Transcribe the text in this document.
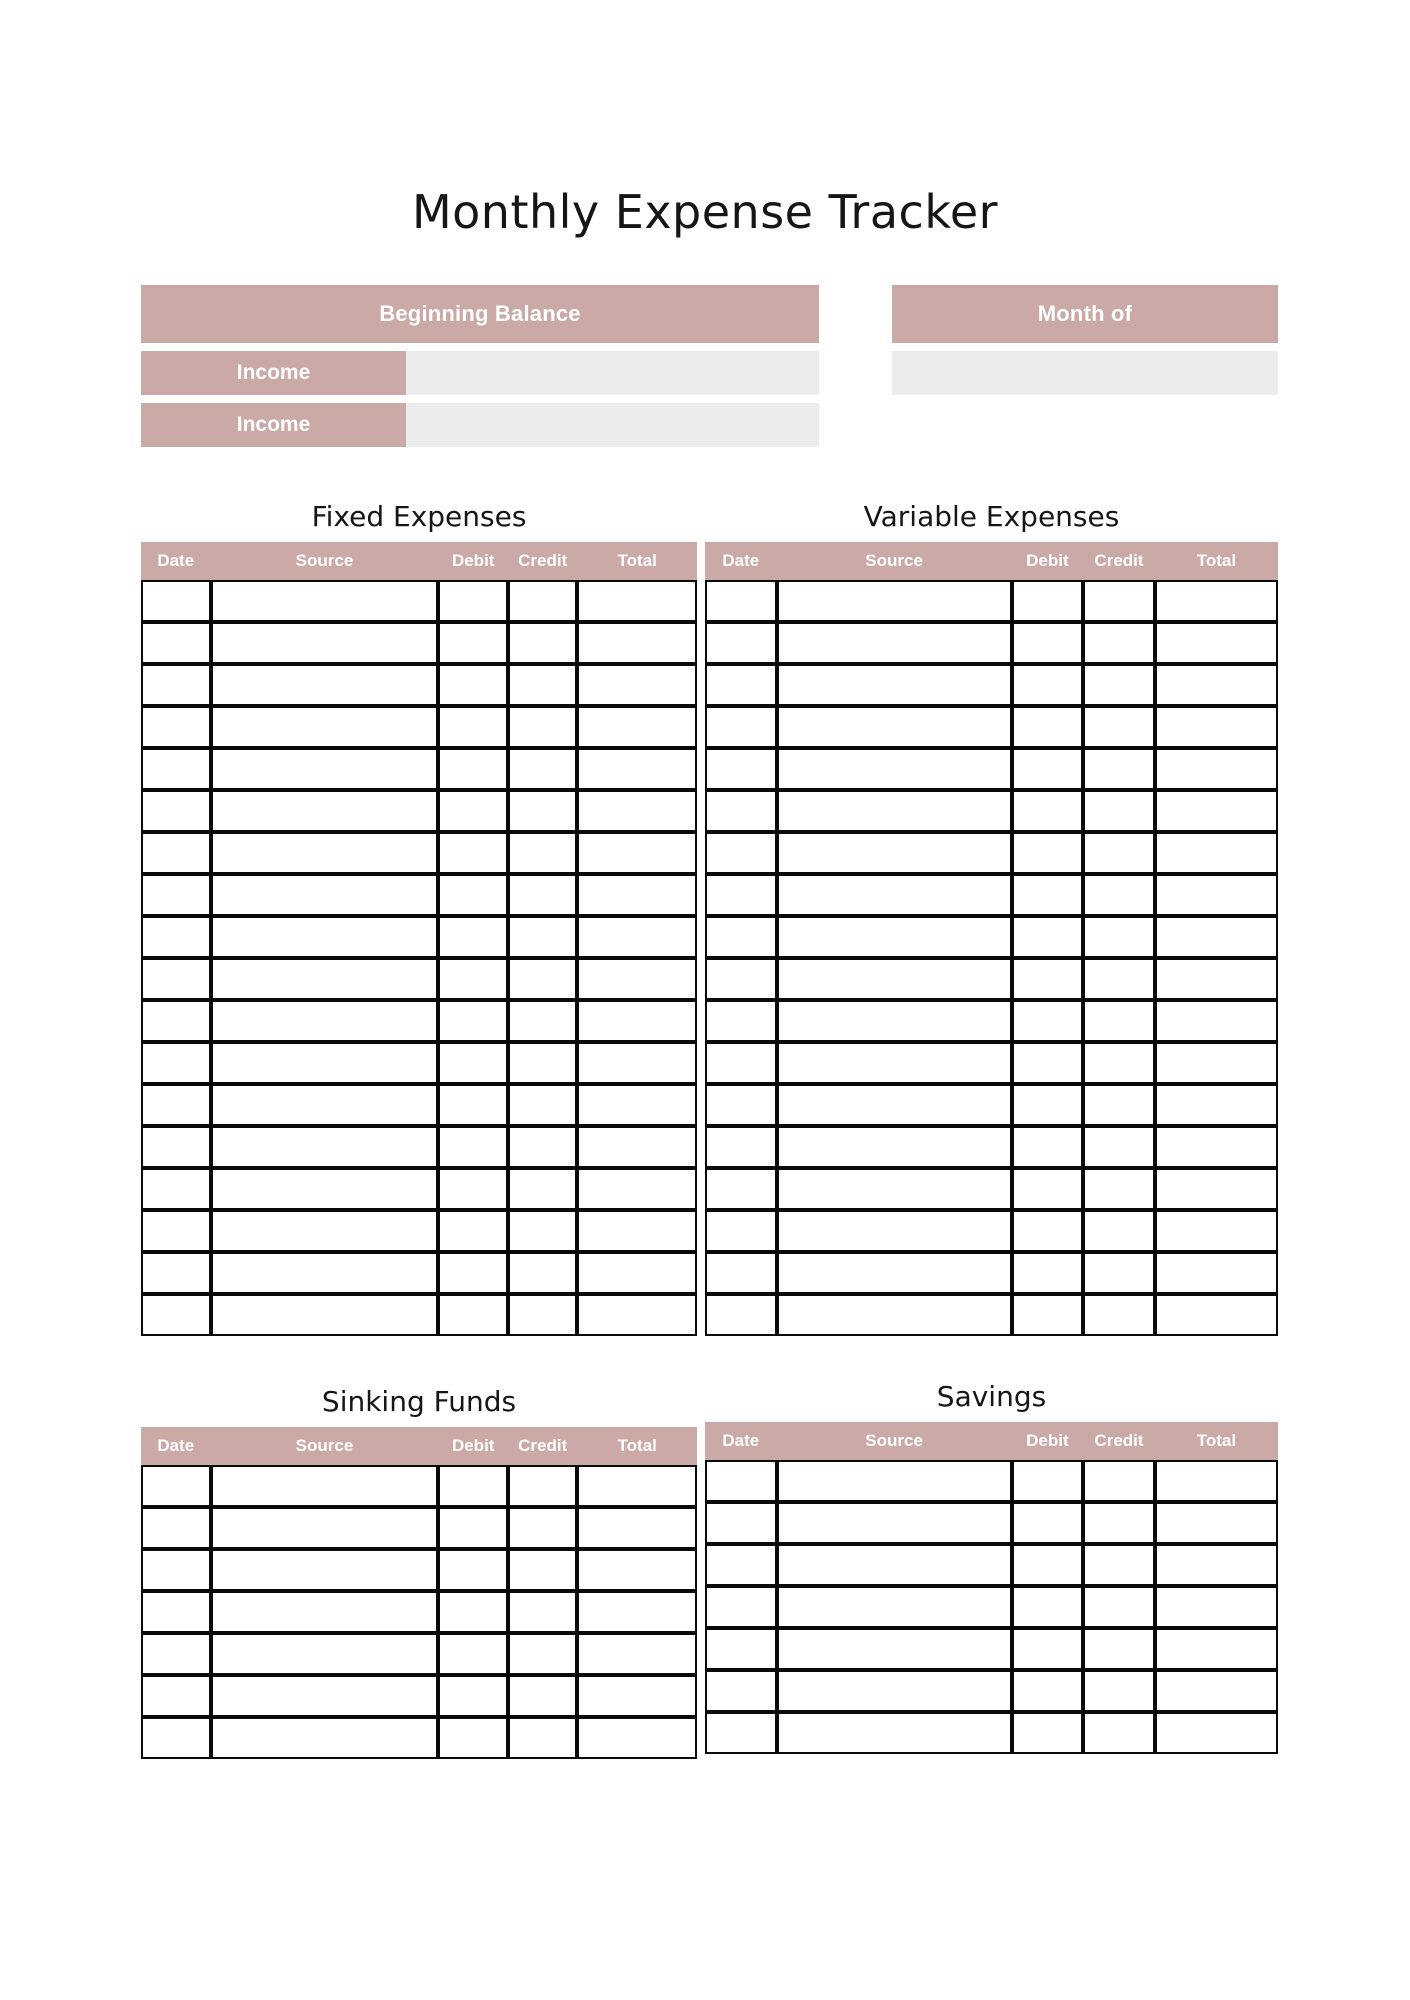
Monthly Expense Tracker
Beginning Balance
Income
Income
Month of
Fixed Expenses
Date	Source	Debit	Credit	Total

Variable Expenses
Date	Source	Debit	Credit	Total

Sinking Funds
Date	Source	Debit	Credit	Total

Savings
Date	Source	Debit	Credit	Total
